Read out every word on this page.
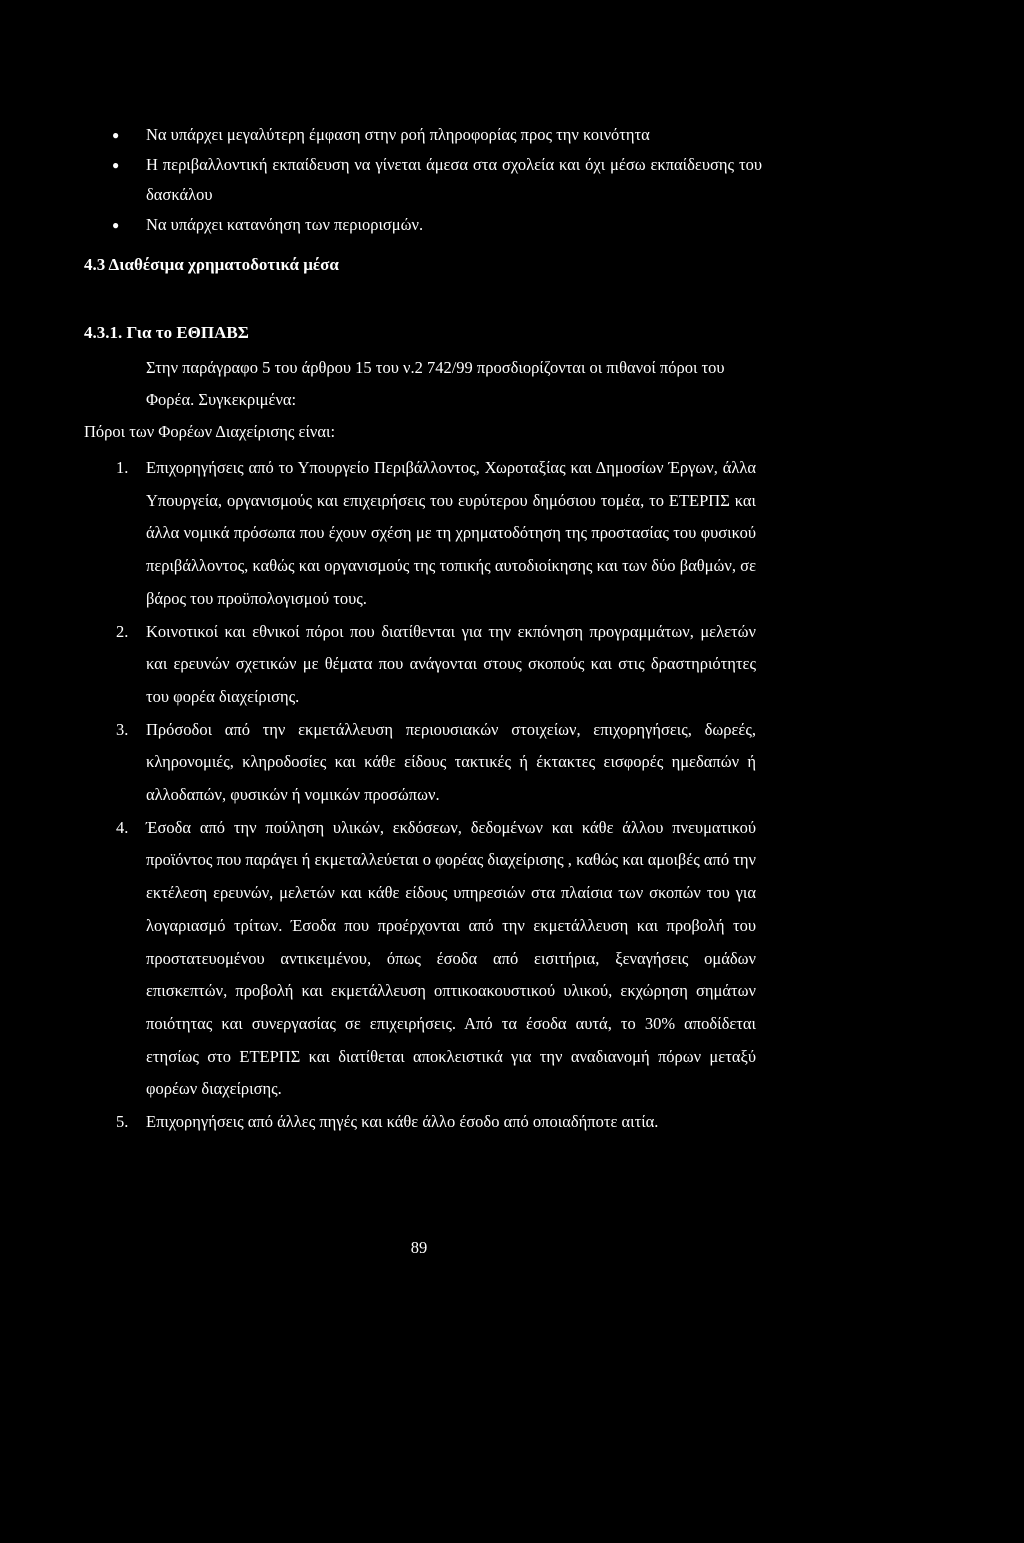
●	Να υπάρχει μεγαλύτερη έμφαση στην ροή πληροφορίας προς την κοινότητα
●	Η περιβαλλοντική εκπαίδευση να γίνεται άμεσα στα σχολεία και όχι μέσω εκπαίδευσης του δασκάλου
●	Να υπάρχει κατανόηση των περιορισμών.
4.3 Διαθέσιμα χρηματοδοτικά μέσα
4.3.1. Για το ΕΘΠΑΒΣ
Στην παράγραφο 5 του άρθρου 15 του ν.2 742/99 προσδιορίζονται οι πιθανοί πόροι του Φορέα. Συγκεκριμένα:
Πόροι των Φορέων Διαχείρισης είναι:
1.	Επιχορηγήσεις από το Υπουργείο Περιβάλλοντος, Χωροταξίας και Δημοσίων Έργων, άλλα Υπουργεία, οργανισμούς και επιχειρήσεις του ευρύτερου δημόσιου τομέα, το ΕΤΕΡΠΣ και άλλα νομικά πρόσωπα που έχουν σχέση με τη χρηματοδότηση της προστασίας του φυσικού περιβάλλοντος, καθώς και οργανισμούς της τοπικής αυτοδιοίκησης και των δύο βαθμών, σε βάρος του προϋπολογισμού τους.
2.	Κοινοτικοί και εθνικοί πόροι που διατίθενται για την εκπόνηση προγραμμάτων, μελετών και ερευνών σχετικών με θέματα που ανάγονται στους σκοπούς και στις δραστηριότητες του φορέα διαχείρισης.
3.	Πρόσοδοι από την εκμετάλλευση περιουσιακών στοιχείων, επιχορηγήσεις, δωρεές, κληρονομιές, κληροδοσίες και κάθε είδους τακτικές ή έκτακτες εισφορές ημεδαπών ή αλλοδαπών, φυσικών ή νομικών προσώπων.
4.	Έσοδα από την πούληση υλικών, εκδόσεων, δεδομένων και κάθε άλλου πνευματικού προϊόντος που παράγει ή εκμεταλλεύεται ο φορέας διαχείρισης , καθώς και αμοιβές από την εκτέλεση ερευνών, μελετών και κάθε είδους υπηρεσιών στα πλαίσια των σκοπών του για λογαριασμό τρίτων. Έσοδα που προέρχονται από την εκμετάλλευση και προβολή του προστατευομένου αντικειμένου, όπως έσοδα από εισιτήρια, ξεναγήσεις ομάδων επισκεπτών, προβολή και εκμετάλλευση οπτικοακουστικού υλικού, εκχώρηση σημάτων ποιότητας και συνεργασίας σε επιχειρήσεις. Από τα έσοδα αυτά, το 30% αποδίδεται ετησίως στο ΕΤΕΡΠΣ και διατίθεται αποκλειστικά για την αναδιανομή πόρων μεταξύ φορέων διαχείρισης.
5.	Επιχορηγήσεις από άλλες πηγές και κάθε άλλο έσοδο από οποιαδήποτε αιτία.
89
